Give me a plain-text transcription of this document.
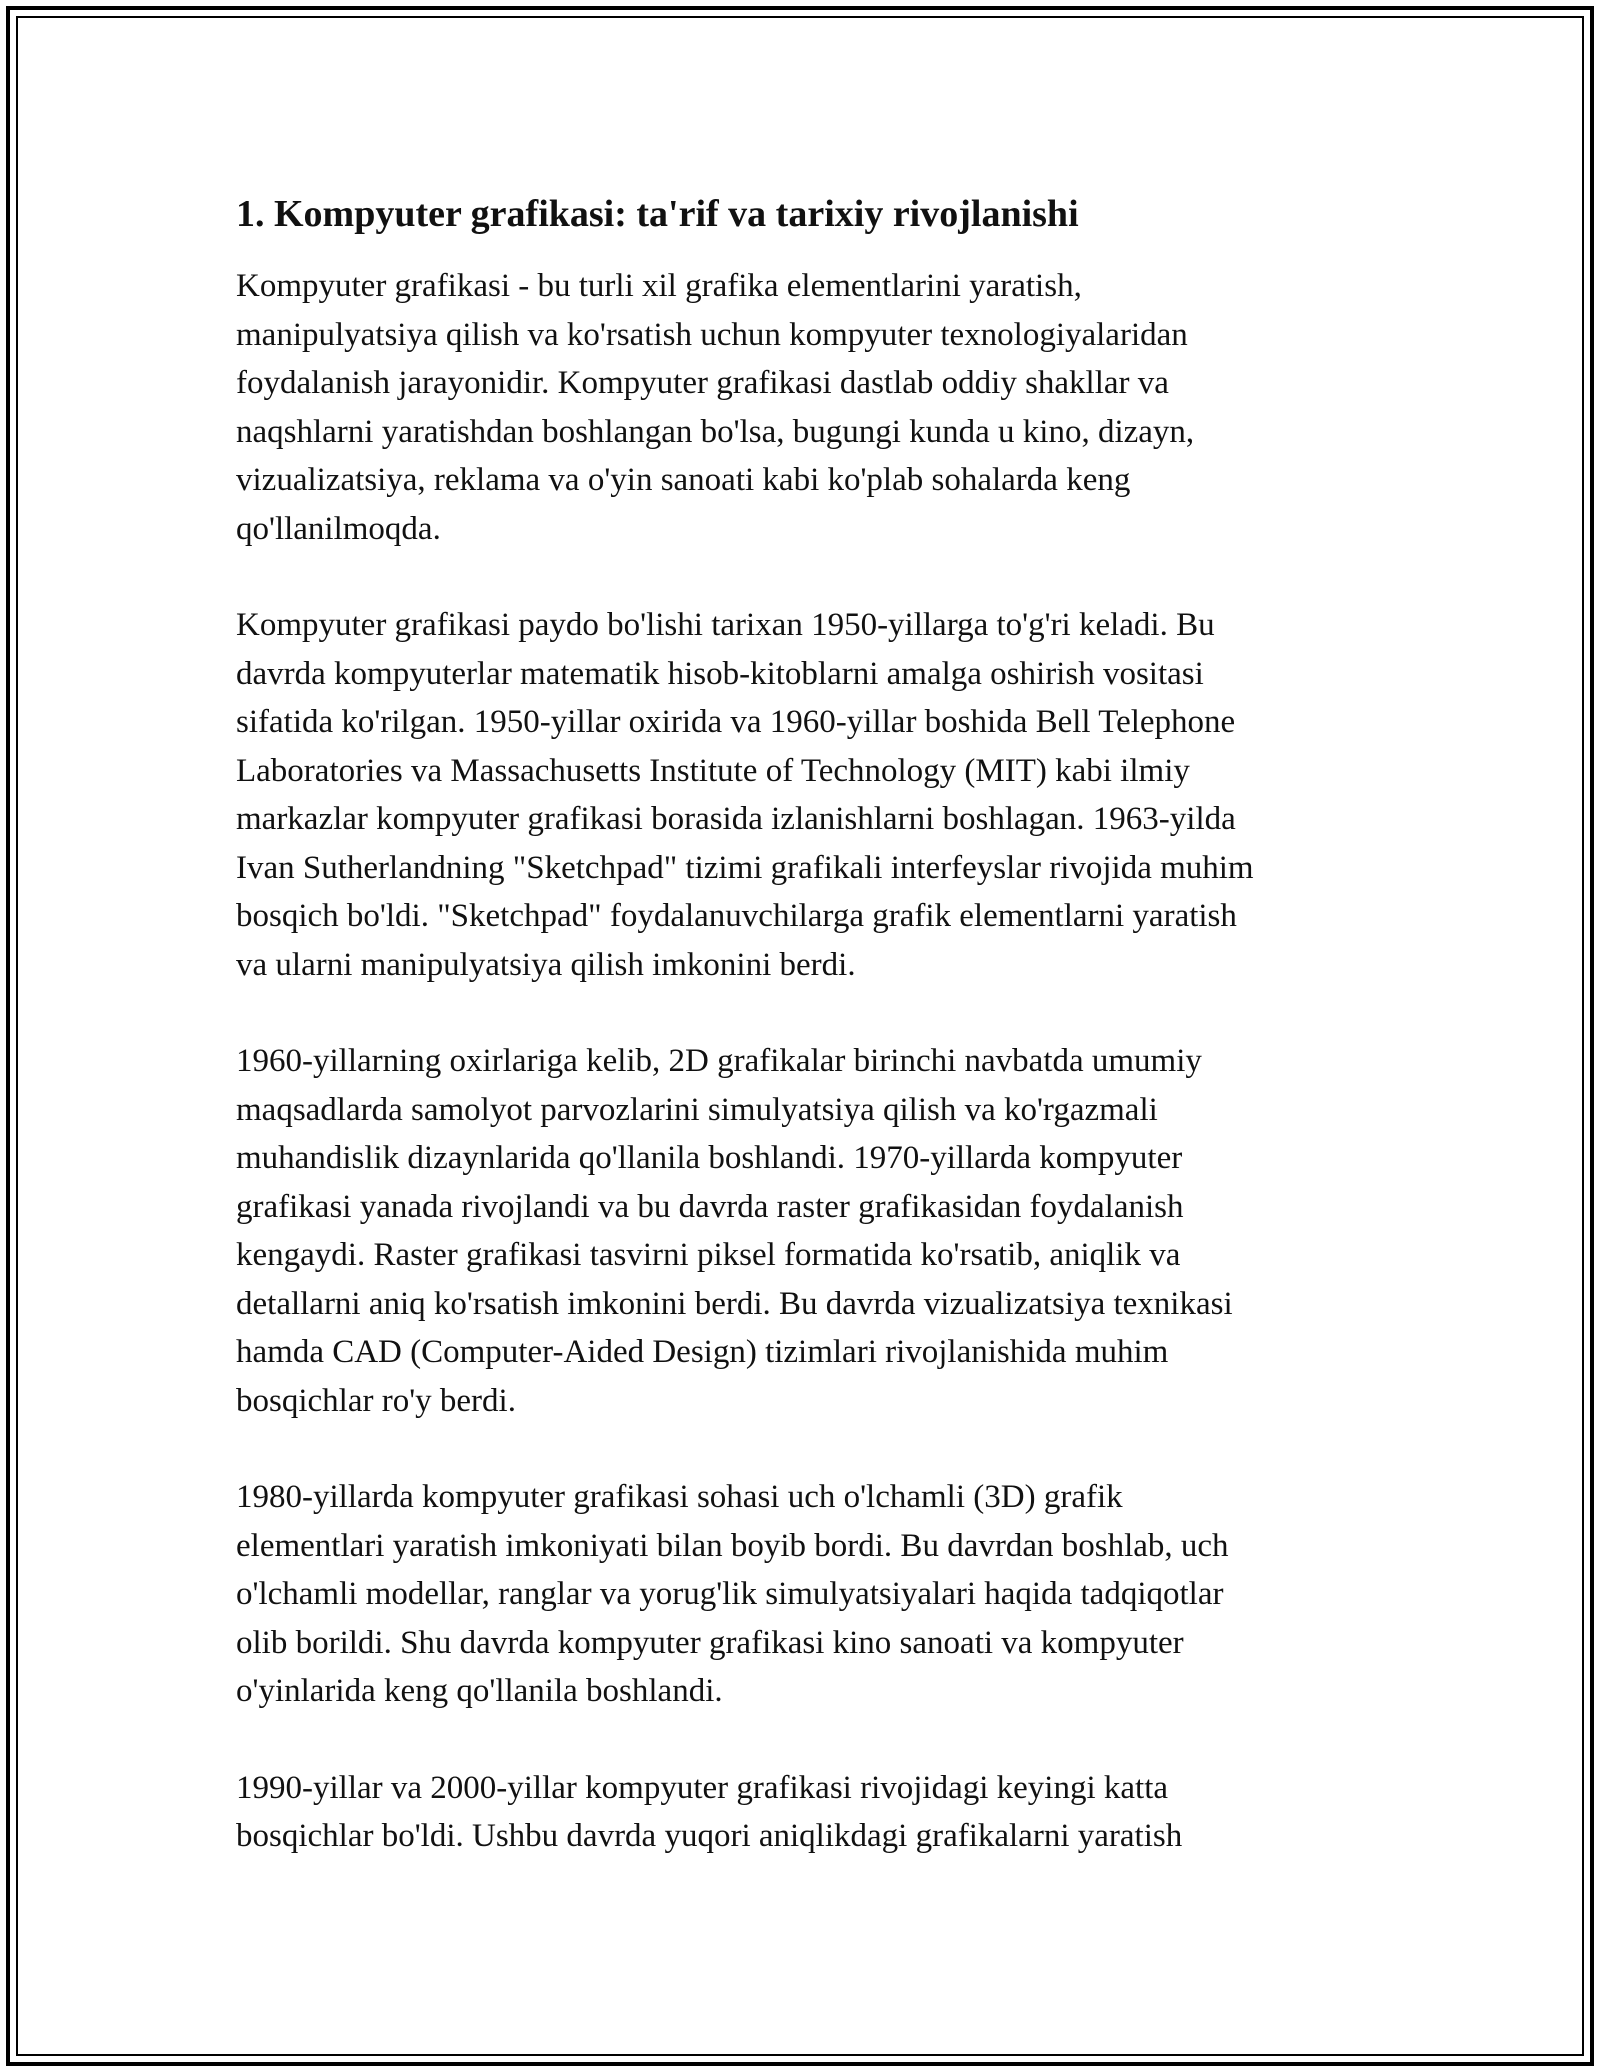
1. Kompyuter grafikasi: ta'rif va tarixiy rivojlanishi

Kompyuter grafikasi - bu turli xil grafika elementlarini yaratish,
manipulyatsiya qilish va ko'rsatish uchun kompyuter texnologiyalaridan
foydalanish jarayonidir. Kompyuter grafikasi dastlab oddiy shakllar va
naqshlarni yaratishdan boshlangan bo'lsa, bugungi kunda u kino, dizayn,
vizualizatsiya, reklama va o'yin sanoati kabi ko'plab sohalarda keng
qo'llanilmoqda.

Kompyuter grafikasi paydo bo'lishi tarixan 1950-yillarga to'g'ri keladi. Bu
davrda kompyuterlar matematik hisob-kitoblarni amalga oshirish vositasi
sifatida ko'rilgan. 1950-yillar oxirida va 1960-yillar boshida Bell Telephone
Laboratories va Massachusetts Institute of Technology (MIT) kabi ilmiy
markazlar kompyuter grafikasi borasida izlanishlarni boshlagan. 1963-yilda
Ivan Sutherlandning "Sketchpad" tizimi grafikali interfeyslar rivojida muhim
bosqich bo'ldi. "Sketchpad" foydalanuvchilarga grafik elementlarni yaratish
va ularni manipulyatsiya qilish imkonini berdi.

1960-yillarning oxirlariga kelib, 2D grafikalar birinchi navbatda umumiy
maqsadlarda samolyot parvozlarini simulyatsiya qilish va ko'rgazmali
muhandislik dizaynlarida qo'llanila boshlandi. 1970-yillarda kompyuter
grafikasi yanada rivojlandi va bu davrda raster grafikasidan foydalanish
kengaydi. Raster grafikasi tasvirni piksel formatida ko'rsatib, aniqlik va
detallarni aniq ko'rsatish imkonini berdi. Bu davrda vizualizatsiya texnikasi
hamda CAD (Computer-Aided Design) tizimlari rivojlanishida muhim
bosqichlar ro'y berdi.

1980-yillarda kompyuter grafikasi sohasi uch o'lchamli (3D) grafik
elementlari yaratish imkoniyati bilan boyib bordi. Bu davrdan boshlab, uch
o'lchamli modellar, ranglar va yorug'lik simulyatsiyalari haqida tadqiqotlar
olib borildi. Shu davrda kompyuter grafikasi kino sanoati va kompyuter
o'yinlarida keng qo'llanila boshlandi.

1990-yillar va 2000-yillar kompyuter grafikasi rivojidagi keyingi katta
bosqichlar bo'ldi. Ushbu davrda yuqori aniqlikdagi grafikalarni yaratish
